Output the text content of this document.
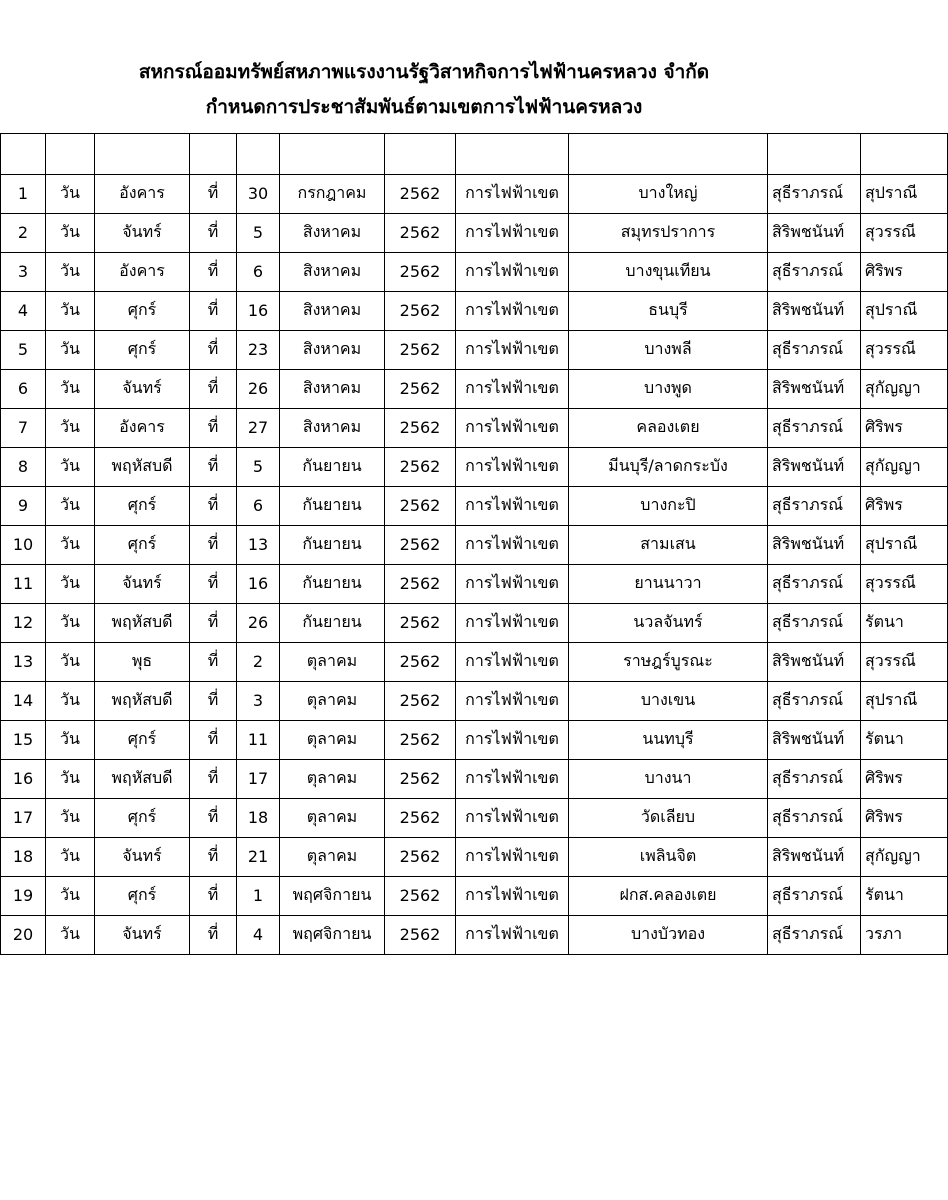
สหกรณ์ออมทรัพย์สหภาพแรงงานรัฐวิสาหกิจการไฟฟ้านครหลวง จำกัด
กำหนดการประชาสัมพันธ์ตามเขตการไฟฟ้านครหลวง

1	วัน	อังคาร	ที่	30	กรกฎาคม	2562	การไฟฟ้าเขต	บางใหญ่	สุธีราภรณ์	สุปราณี
2	วัน	จันทร์	ที่	5	สิงหาคม	2562	การไฟฟ้าเขต	สมุทรปราการ	สิริพชนันท์	สุวรรณี
3	วัน	อังคาร	ที่	6	สิงหาคม	2562	การไฟฟ้าเขต	บางขุนเทียน	สุธีราภรณ์	ศิริพร
4	วัน	ศุกร์	ที่	16	สิงหาคม	2562	การไฟฟ้าเขต	ธนบุรี	สิริพชนันท์	สุปราณี
5	วัน	ศุกร์	ที่	23	สิงหาคม	2562	การไฟฟ้าเขต	บางพลี	สุธีราภรณ์	สุวรรณี
6	วัน	จันทร์	ที่	26	สิงหาคม	2562	การไฟฟ้าเขต	บางพูด	สิริพชนันท์	สุกัญญา
7	วัน	อังคาร	ที่	27	สิงหาคม	2562	การไฟฟ้าเขต	คลองเตย	สุธีราภรณ์	ศิริพร
8	วัน	พฤหัสบดี	ที่	5	กันยายน	2562	การไฟฟ้าเขต	มีนบุรี/ลาดกระบัง	สิริพชนันท์	สุกัญญา
9	วัน	ศุกร์	ที่	6	กันยายน	2562	การไฟฟ้าเขต	บางกะปิ	สุธีราภรณ์	ศิริพร
10	วัน	ศุกร์	ที่	13	กันยายน	2562	การไฟฟ้าเขต	สามเสน	สิริพชนันท์	สุปราณี
11	วัน	จันทร์	ที่	16	กันยายน	2562	การไฟฟ้าเขต	ยานนาวา	สุธีราภรณ์	สุวรรณี
12	วัน	พฤหัสบดี	ที่	26	กันยายน	2562	การไฟฟ้าเขต	นวลจันทร์	สุธีราภรณ์	รัตนา
13	วัน	พุธ	ที่	2	ตุลาคม	2562	การไฟฟ้าเขต	ราษฎร์บูรณะ	สิริพชนันท์	สุวรรณี
14	วัน	พฤหัสบดี	ที่	3	ตุลาคม	2562	การไฟฟ้าเขต	บางเขน	สุธีราภรณ์	สุปราณี
15	วัน	ศุกร์	ที่	11	ตุลาคม	2562	การไฟฟ้าเขต	นนทบุรี	สิริพชนันท์	รัตนา
16	วัน	พฤหัสบดี	ที่	17	ตุลาคม	2562	การไฟฟ้าเขต	บางนา	สุธีราภรณ์	ศิริพร
17	วัน	ศุกร์	ที่	18	ตุลาคม	2562	การไฟฟ้าเขต	วัดเลียบ	สุธีราภรณ์	ศิริพร
18	วัน	จันทร์	ที่	21	ตุลาคม	2562	การไฟฟ้าเขต	เพลินจิต	สิริพชนันท์	สุกัญญา
19	วัน	ศุกร์	ที่	1	พฤศจิกายน	2562	การไฟฟ้าเขต	ฝกส.คลองเตย	สุธีราภรณ์	รัตนา
20	วัน	จันทร์	ที่	4	พฤศจิกายน	2562	การไฟฟ้าเขต	บางบัวทอง	สุธีราภรณ์	วรภา
